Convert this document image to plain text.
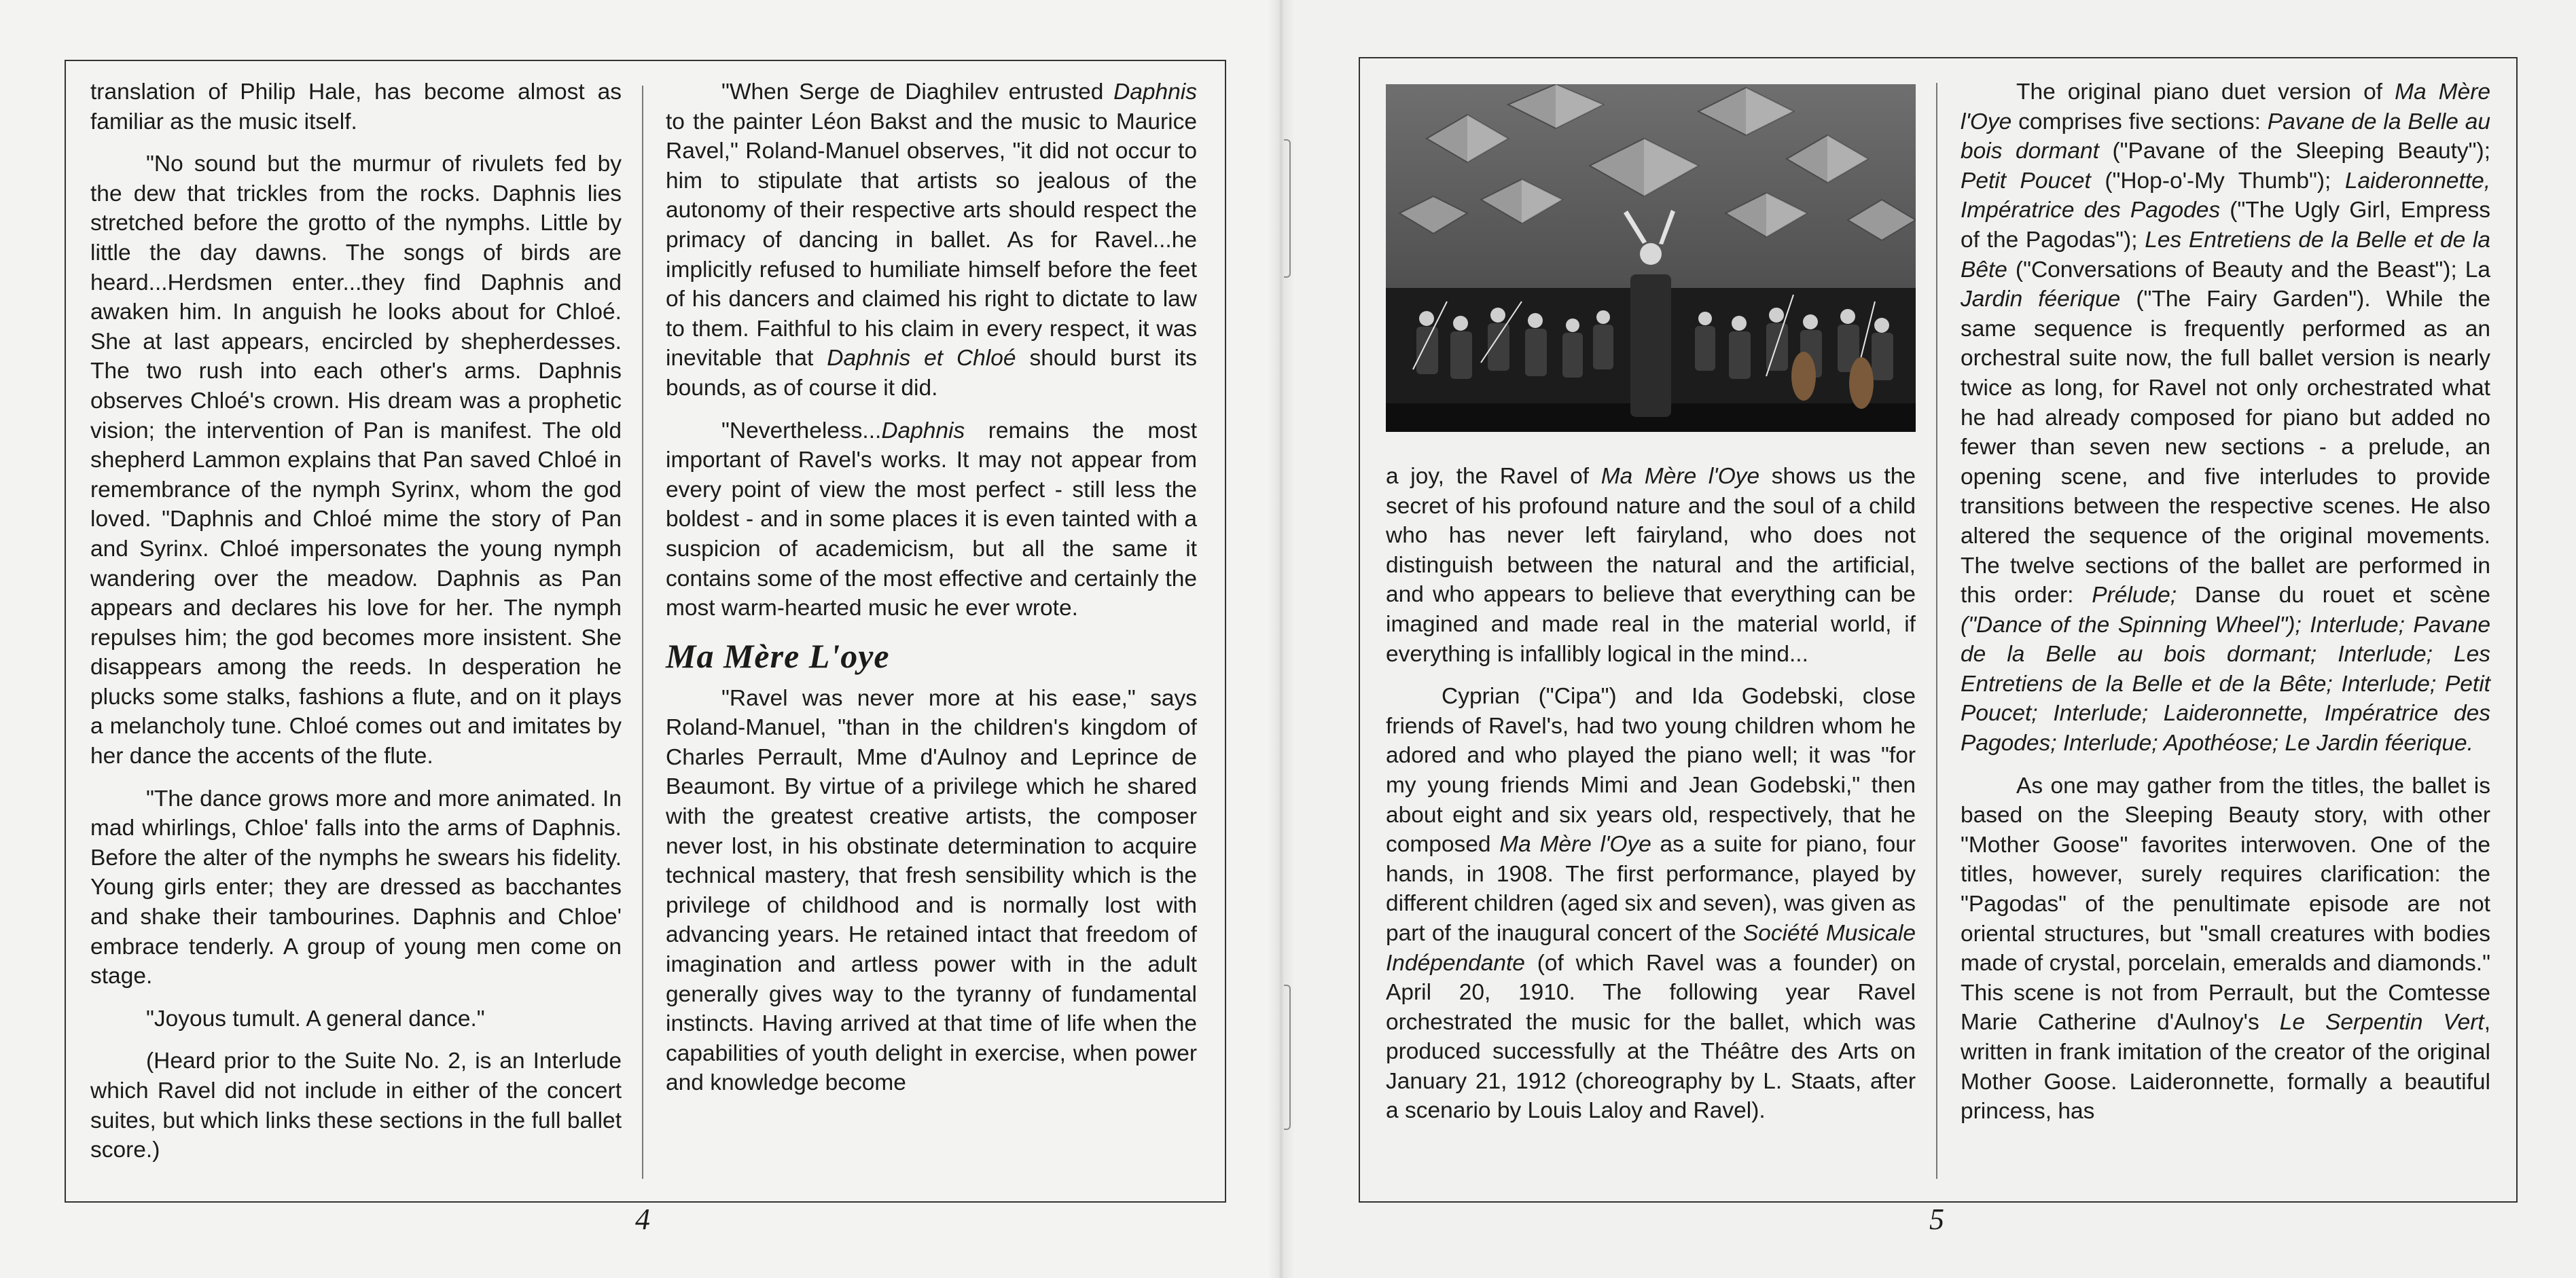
translation of Philip Hale, has become almost as familiar as the music itself.

"No sound but the murmur of rivulets fed by the dew that trickles from the rocks. Daphnis lies stretched before the grotto of the nymphs. Little by little the day dawns. The songs of birds are heard...Herdsmen enter...they find Daphnis and awaken him. In anguish he looks about for Chloé. She at last appears, encircled by shepherdesses. The two rush into each other's arms. Daphnis observes Chloé's crown. His dream was a prophetic vision; the intervention of Pan is manifest. The old shepherd Lammon explains that Pan saved Chloé in remembrance of the nymph Syrinx, whom the god loved. "Daphnis and Chloé mime the story of Pan and Syrinx. Chloé impersonates the young nymph wandering over the meadow. Daphnis as Pan appears and declares his love for her. The nymph repulses him; the god becomes more insistent. She disappears among the reeds. In desperation he plucks some stalks, fashions a flute, and on it plays a melancholy tune. Chloé comes out and imitates by her dance the accents of the flute.

"The dance grows more and more animated. In mad whirlings, Chloe' falls into the arms of Daphnis. Before the alter of the nymphs he swears his fidelity. Young girls enter; they are dressed as bacchantes and shake their tambourines. Daphnis and Chloe' embrace tenderly. A group of young men come on stage.

"Joyous tumult. A general dance."

(Heard prior to the Suite No. 2, is an Interlude which Ravel did not include in either of the concert suites, but which links these sections in the full ballet score.)

"When Serge de Diaghilev entrusted Daphnis to the painter Léon Bakst and the music to Maurice Ravel," Roland-Manuel observes, "it did not occur to him to stipulate that artists so jealous of the autonomy of their respective arts should respect the primacy of dancing in ballet. As for Ravel...he implicitly refused to humiliate himself before the feet of his dancers and claimed his right to dictate to law to them. Faithful to his claim in every respect, it was inevitable that Daphnis et Chloé should burst its bounds, as of course it did.

"Nevertheless...Daphnis remains the most important of Ravel's works. It may not appear from every point of view the most perfect - still less the boldest - and in some places it is even tainted with a suspicion of academicism, but all the same it contains some of the most effective and certainly the most warm-hearted music he ever wrote.

Ma Mère L'oye

"Ravel was never more at his ease," says Roland-Manuel, "than in the children's kingdom of Charles Perrault, Mme d'Aulnoy and Leprince de Beaumont. By virtue of a privilege which he shared with the greatest creative artists, the composer never lost, in his obstinate determination to acquire technical mastery, that fresh sensibility which is the privilege of childhood and is normally lost with advancing years. He retained intact that freedom of imagination and artless power with in the adult generally gives way to the tyranny of fundamental instincts. Having arrived at that time of life when the capabilities of youth delight in exercise, when power and knowledge become

4

a joy, the Ravel of Ma Mère l'Oye shows us the secret of his profound nature and the soul of a child who has never left fairyland, who does not distinguish between the natural and the artificial, and who appears to believe that everything can be imagined and made real in the material world, if everything is infallibly logical in the mind...

Cyprian ("Cipa") and Ida Godebski, close friends of Ravel's, had two young children whom he adored and who played the piano well; it was "for my young friends Mimi and Jean Godebski," then about eight and six years old, respectively, that he composed Ma Mère l'Oye as a suite for piano, four hands, in 1908. The first performance, played by different children (aged six and seven), was given as part of the inaugural concert of the Société Musicale Indépendante (of which Ravel was a founder) on April 20, 1910. The following year Ravel orchestrated the music for the ballet, which was produced successfully at the Théâtre des Arts on January 21, 1912 (choreography by L. Staats, after a scenario by Louis Laloy and Ravel).

The original piano duet version of Ma Mère l'Oye comprises five sections: Pavane de la Belle au bois dormant ("Pavane of the Sleeping Beauty"); Petit Poucet ("Hop-o'-My Thumb"); Laideronnette, Impératrice des Pagodes ("The Ugly Girl, Empress of the Pagodas"); Les Entretiens de la Belle et de la Bête ("Conversations of Beauty and the Beast"); La Jardin féerique ("The Fairy Garden"). While the same sequence is frequently performed as an orchestral suite now, the full ballet version is nearly twice as long, for Ravel not only orchestrated what he had already composed for piano but added no fewer than seven new sections - a prelude, an opening scene, and five interludes to provide transitions between the respective scenes. He also altered the sequence of the original movements. The twelve sections of the ballet are performed in this order: Prélude; Danse du rouet et scène ("Dance of the Spinning Wheel"); Interlude; Pavane de la Belle au bois dormant; Interlude; Les Entretiens de la Belle et de la Bête; Interlude; Petit Poucet; Interlude; Laideronnette, Impératrice des Pagodes; Interlude; Apothéose; Le Jardin féerique.

As one may gather from the titles, the ballet is based on the Sleeping Beauty story, with other "Mother Goose" favorites interwoven. One of the titles, however, surely requires clarification: the "Pagodas" of the penultimate episode are not oriental structures, but "small creatures with bodies made of crystal, porcelain, emeralds and diamonds." This scene is not from Perrault, but the Comtesse Marie Catherine d'Aulnoy's Le Serpentin Vert, written in frank imitation of the creator of the original Mother Goose. Laideronnette, formally a beautiful princess, has

5
